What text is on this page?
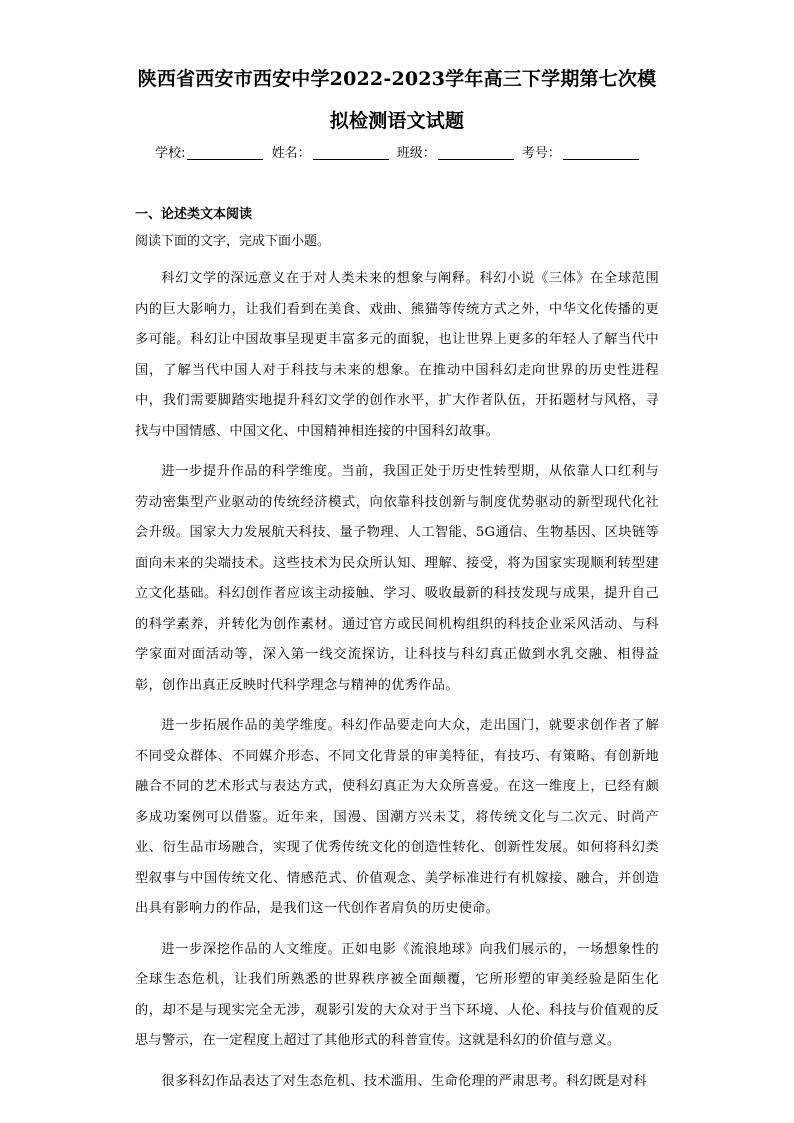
陕西省西安市西安中学2022-2023学年高三下学期第七次模
拟检测语文试题
学校:	姓名：	班级：	考号：
一、论述类文本阅读
阅读下面的文字，完成下面小题。

科幻文学的深远意义在于对人类未来的想象与阐释。科幻小说《三体》在全球范围内的巨大影响力，让我们看到在美食、戏曲、熊猫等传统方式之外，中华文化传播的更多可能。科幻让中国故事呈现更丰富多元的面貌，也让世界上更多的年轻人了解当代中国，了解当代中国人对于科技与未来的想象。在推动中国科幻走向世界的历史性进程中，我们需要脚踏实地提升科幻文学的创作水平，扩大作者队伍，开拓题材与风格，寻找与中国情感、中国文化、中国精神相连接的中国科幻故事。

进一步提升作品的科学维度。当前，我国正处于历史性转型期，从依靠人口红利与劳动密集型产业驱动的传统经济模式，向依靠科技创新与制度优势驱动的新型现代化社会升级。国家大力发展航天科技、量子物理、人工智能、5G通信、生物基因、区块链等面向未来的尖端技术。这些技术为民众所认知、理解、接受，将为国家实现顺利转型建立文化基础。科幻创作者应该主动接触、学习、吸收最新的科技发现与成果，提升自己的科学素养，并转化为创作素材。通过官方或民间机构组织的科技企业采风活动、与科学家面对面活动等，深入第一线交流探访，让科技与科幻真正做到水乳交融、相得益彰，创作出真正反映时代科学理念与精神的优秀作品。

进一步拓展作品的美学维度。科幻作品要走向大众，走出国门，就要求创作者了解不同受众群体、不同媒介形态、不同文化背景的审美特征，有技巧、有策略、有创新地融合不同的艺术形式与表达方式，使科幻真正为大众所喜爱。在这一维度上，已经有颇多成功案例可以借鉴。近年来，国漫、国潮方兴未艾，将传统文化与二次元、时尚产业、衍生品市场融合，实现了优秀传统文化的创造性转化、创新性发展。如何将科幻类型叙事与中国传统文化、情感范式、价值观念、美学标准进行有机嫁接、融合，并创造出具有影响力的作品，是我们这一代创作者肩负的历史使命。

进一步深挖作品的人文维度。正如电影《流浪地球》向我们展示的，一场想象性的全球生态危机，让我们所熟悉的世界秩序被全面颠覆，它所形塑的审美经验是陌生化的，却不是与现实完全无涉，观影引发的大众对于当下环境、人伦、科技与价值观的反思与警示，在一定程度上超过了其他形式的科普宣传。这就是科幻的价值与意义。

很多科幻作品表达了对生态危机、技术滥用、生命伦理的严肃思考。科幻既是对科
